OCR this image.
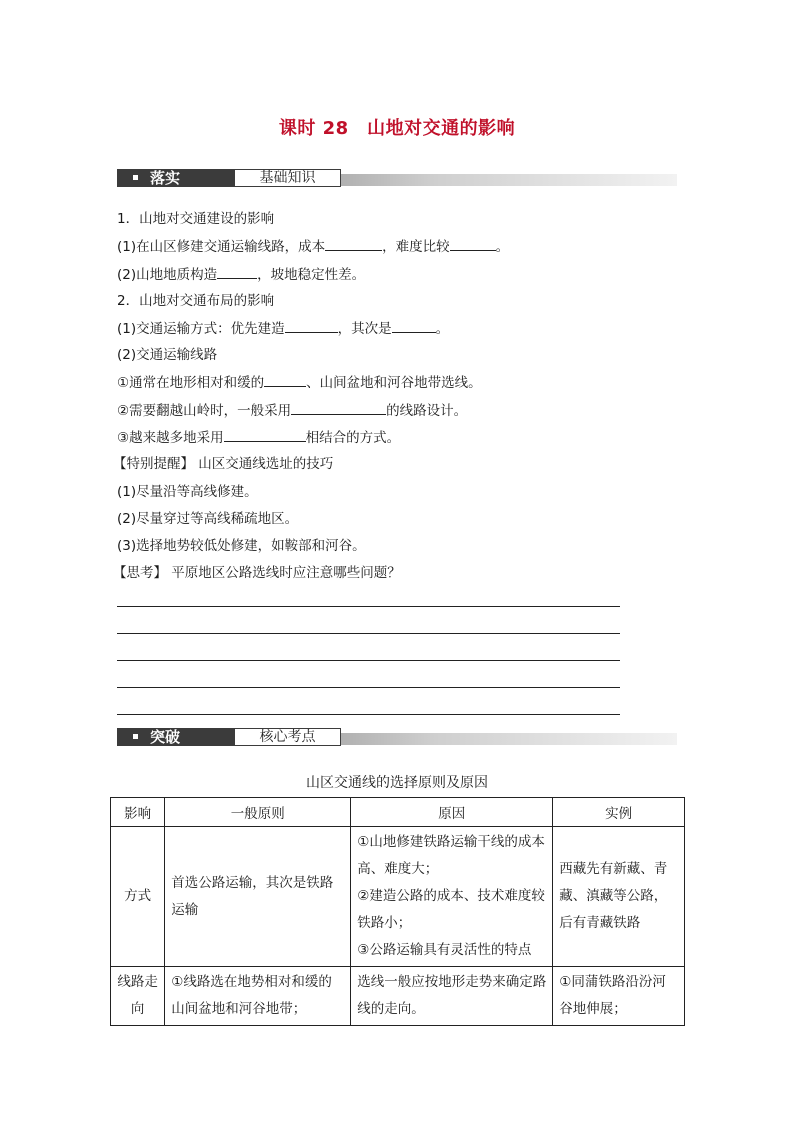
课时 28　山地对交通的影响
落实	基础知识
1．山地对交通建设的影响
(1)在山区修建交通运输线路，成本	，难度比较	。
(2)山地地质构造	，坡地稳定性差。
2．山地对交通布局的影响
(1)交通运输方式：优先建造	，其次是	。
(2)交通运输线路
①通常在地形相对和缓的	、山间盆地和河谷地带选线。
②需要翻越山岭时，一般采用	的线路设计。
③越来越多地采用	相结合的方式。
【特别提醒】 山区交通线选址的技巧
(1)尽量沿等高线修建。
(2)尽量穿过等高线稀疏地区。
(3)选择地势较低处修建，如鞍部和河谷。
【思考】 平原地区公路选线时应注意哪些问题？
突破	核心考点
山区交通线的选择原则及原因
影响	一般原则	原因	实例
方式	首选公路运输，其次是铁路运输	①山地修建铁路运输干线的成本高、难度大；
②建造公路的成本、技术难度较铁路小；
③公路运输具有灵活性的特点	西藏先有新藏、青藏、滇藏等公路，后有青藏铁路
线路走向	①线路选在地势相对和缓的山间盆地和河谷地带；	选线一般应按地形走势来确定路线的走向。	①同蒲铁路沿汾河谷地伸展；
